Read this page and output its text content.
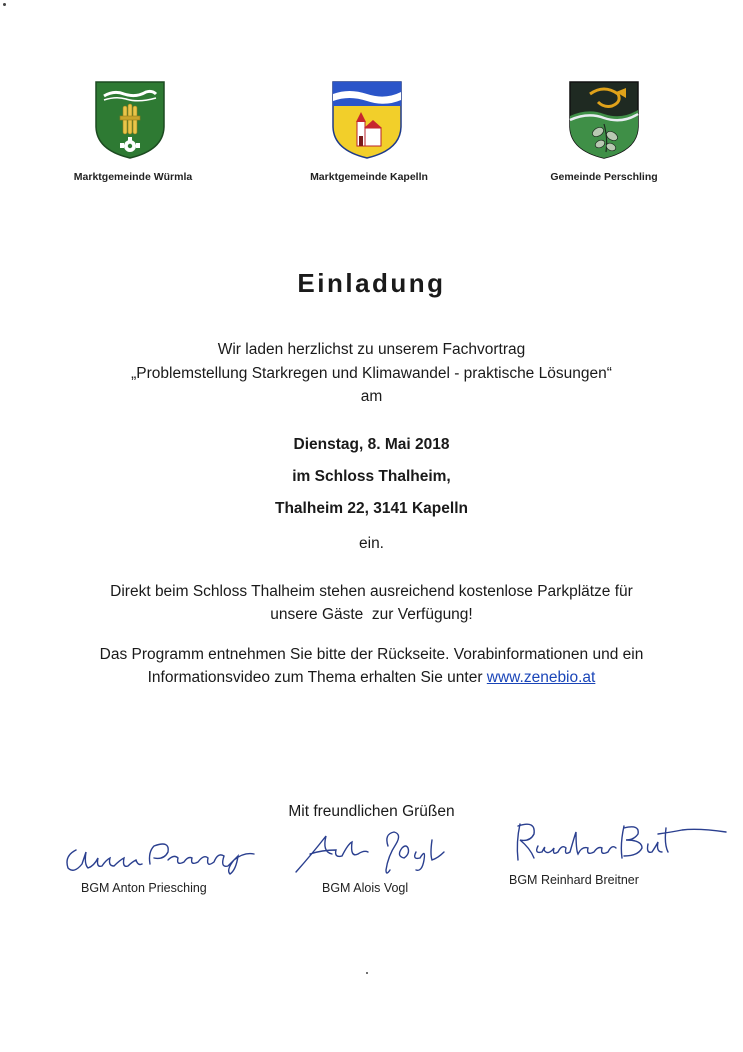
Marktgemeinde Würmla	Marktgemeinde Kapelln	Gemeinde Perschling
Einladung
Wir laden herzlichst zu unserem Fachvortrag
„Problemstellung Starkregen und Klimawandel - praktische Lösungen“
am
Dienstag, 8. Mai 2018
im Schloss Thalheim,
Thalheim 22, 3141 Kapelln
ein.
Direkt beim Schloss Thalheim stehen ausreichend kostenlose Parkplätze für
unsere Gäste  zur Verfügung!
Das Programm entnehmen Sie bitte der Rückseite. Vorabinformationen und ein
Informationsvideo zum Thema erhalten Sie unter www.zenebio.at
Mit freundlichen Grüßen
BGM Anton Priesching	BGM Alois Vogl
BGM Reinhard Breitner
